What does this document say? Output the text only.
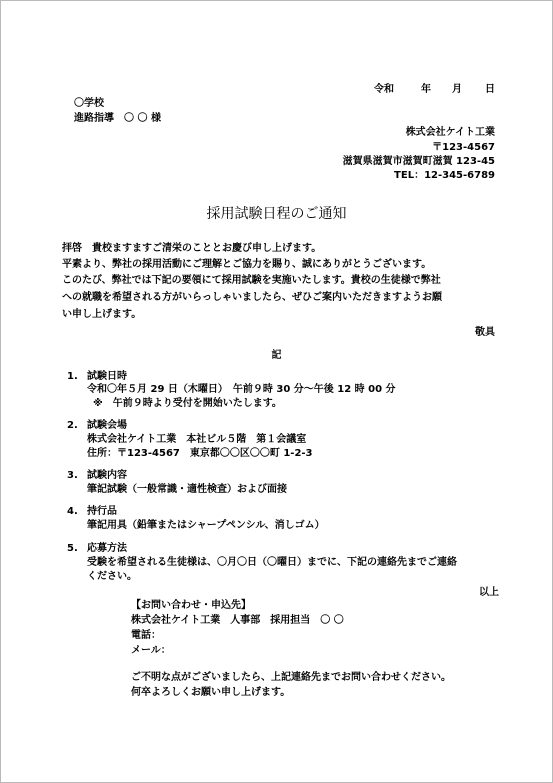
令和	年 月 日
〇学校
進路指導　〇 〇 様
株式会社ケイト工業
〒123-4567
滋賀県滋賀市滋賀町滋賀 123-45
TEL：12-345-6789
採用試験日程のご通知
拝啓　貴校ますますご清栄のこととお慶び申し上げます。
平素より、弊社の採用活動にご理解とご協力を賜り、誠にありがとうございます。
このたび、弊社では下記の要領にて採用試験を実施いたします。貴校の生徒様で弊社
への就職を希望される方がいらっしゃいましたら、ぜひご案内いただきますようお願
い申し上げます。
敬具
記
1. 試験日時
令和〇年５月 29 日（木曜日）　午前９時 30 分～午後 12 時 00 分
※　午前９時より受付を開始いたします。
2. 試験会場
株式会社ケイト工業　本社ビル５階　第１会議室
住所：〒123-4567　東京都〇〇区〇〇町 1-2-3
3. 試験内容
筆記試験（一般常識・適性検査）および面接
4. 持行品
筆記用具（鉛筆またはシャープペンシル、消しゴム）
5. 応募方法
受験を希望される生徒様は、〇月〇日（〇曜日）までに、下記の連絡先までご連絡
ください。
以上
【お問い合わせ・申込先】
株式会社ケイト工業　人事部　採用担当　〇 〇
電話：
メール：
ご不明な点がございましたら、上記連絡先までお問い合わせください。
何卒よろしくお願い申し上げます。
